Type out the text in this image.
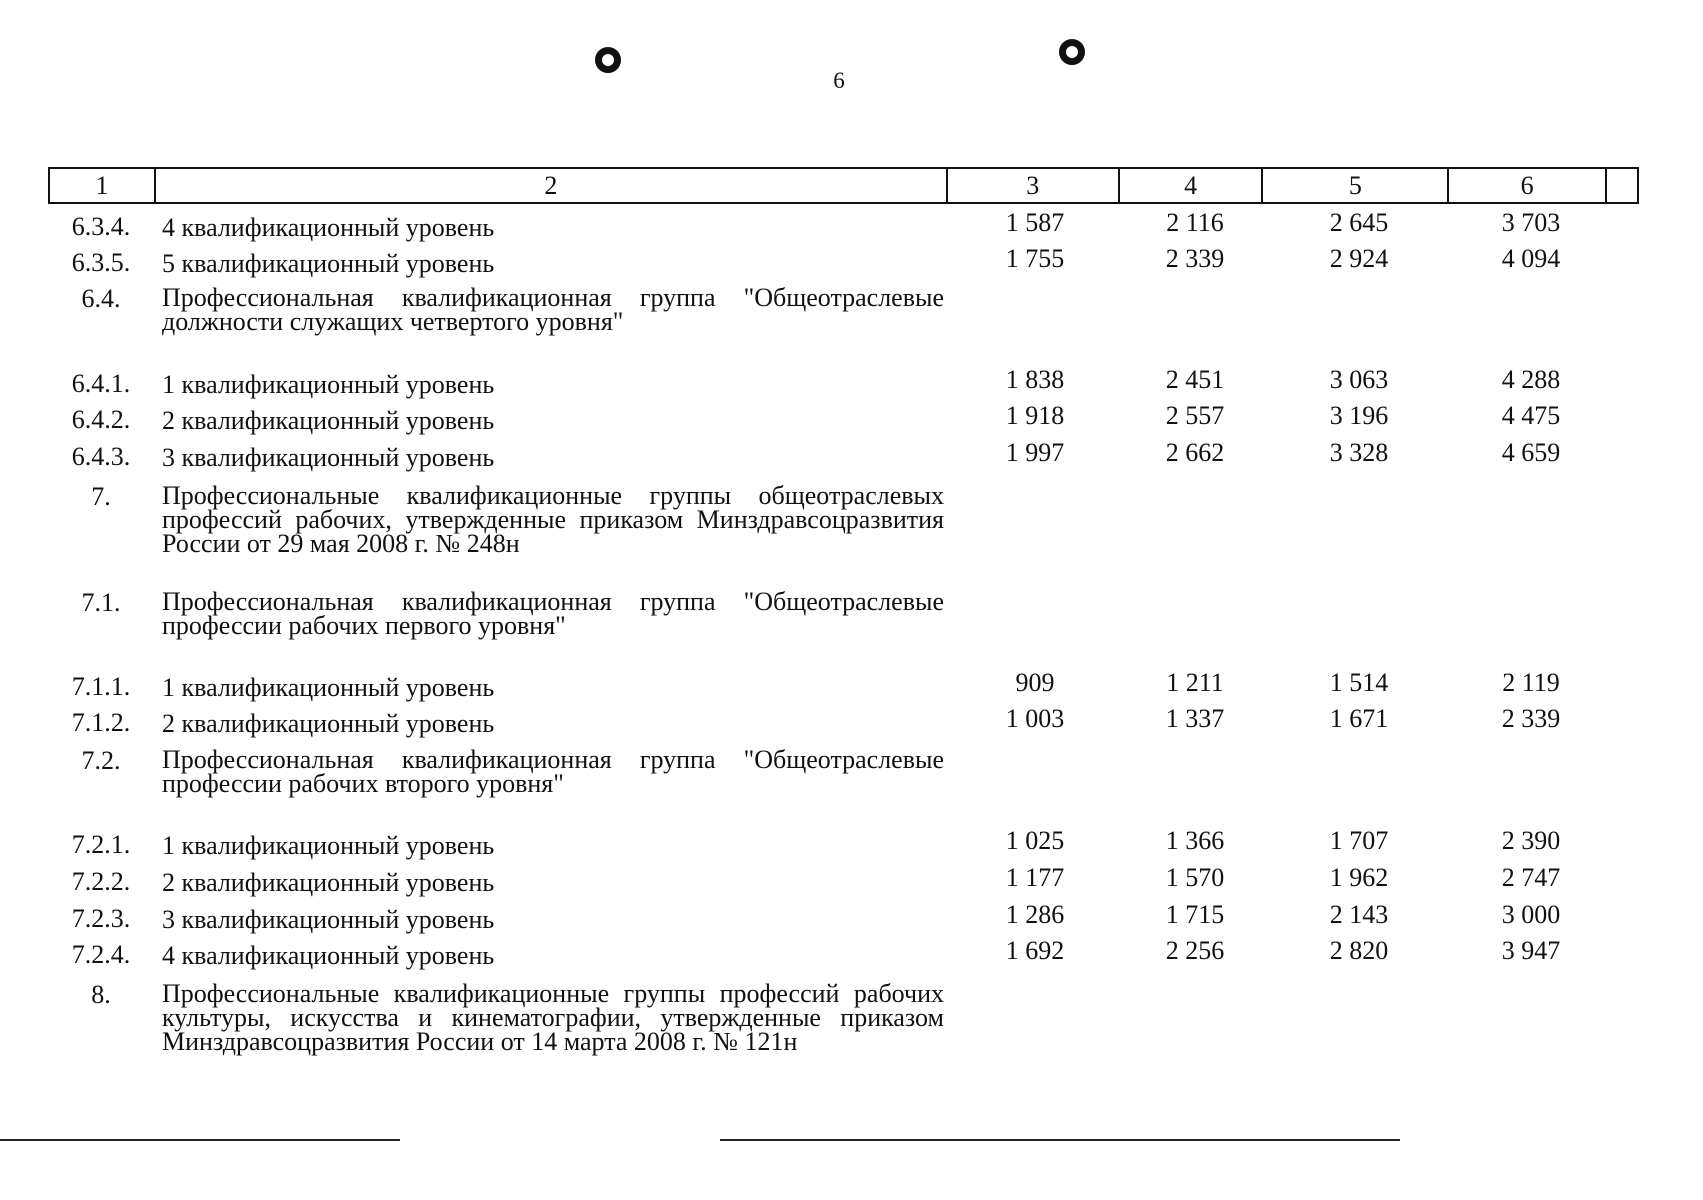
6
1	2	3	4	5	6
6.3.4.	4 квалификационный уровень	1 587	2 116	2 645	3 703
6.3.5.	5 квалификационный уровень	1 755	2 339	2 924	4 094
6.4.	Профессиональная квалификационная группа "Общеотраслевые должности служащих четвертого уровня"
6.4.1.	1 квалификационный уровень	1 838	2 451	3 063	4 288
6.4.2.	2 квалификационный уровень	1 918	2 557	3 196	4 475
6.4.3.	3 квалификационный уровень	1 997	2 662	3 328	4 659
7.	Профессиональные квалификационные группы общеотраслевых профессий рабочих, утвержденные приказом Минздравсоцразвития России от 29 мая 2008 г. № 248н
7.1.	Профессиональная квалификационная группа "Общеотраслевые профессии рабочих первого уровня"
7.1.1.	1 квалификационный уровень	909	1 211	1 514	2 119
7.1.2.	2 квалификационный уровень	1 003	1 337	1 671	2 339
7.2.	Профессиональная квалификационная группа "Общеотраслевые профессии рабочих второго уровня"
7.2.1.	1 квалификационный уровень	1 025	1 366	1 707	2 390
7.2.2.	2 квалификационный уровень	1 177	1 570	1 962	2 747
7.2.3.	3 квалификационный уровень	1 286	1 715	2 143	3 000
7.2.4.	4 квалификационный уровень	1 692	2 256	2 820	3 947
8.	Профессиональные квалификационные группы профессий рабочих культуры, искусства и кинематографии, утвержденные приказом Минздравсоцразвития России от 14 марта 2008 г. № 121н
